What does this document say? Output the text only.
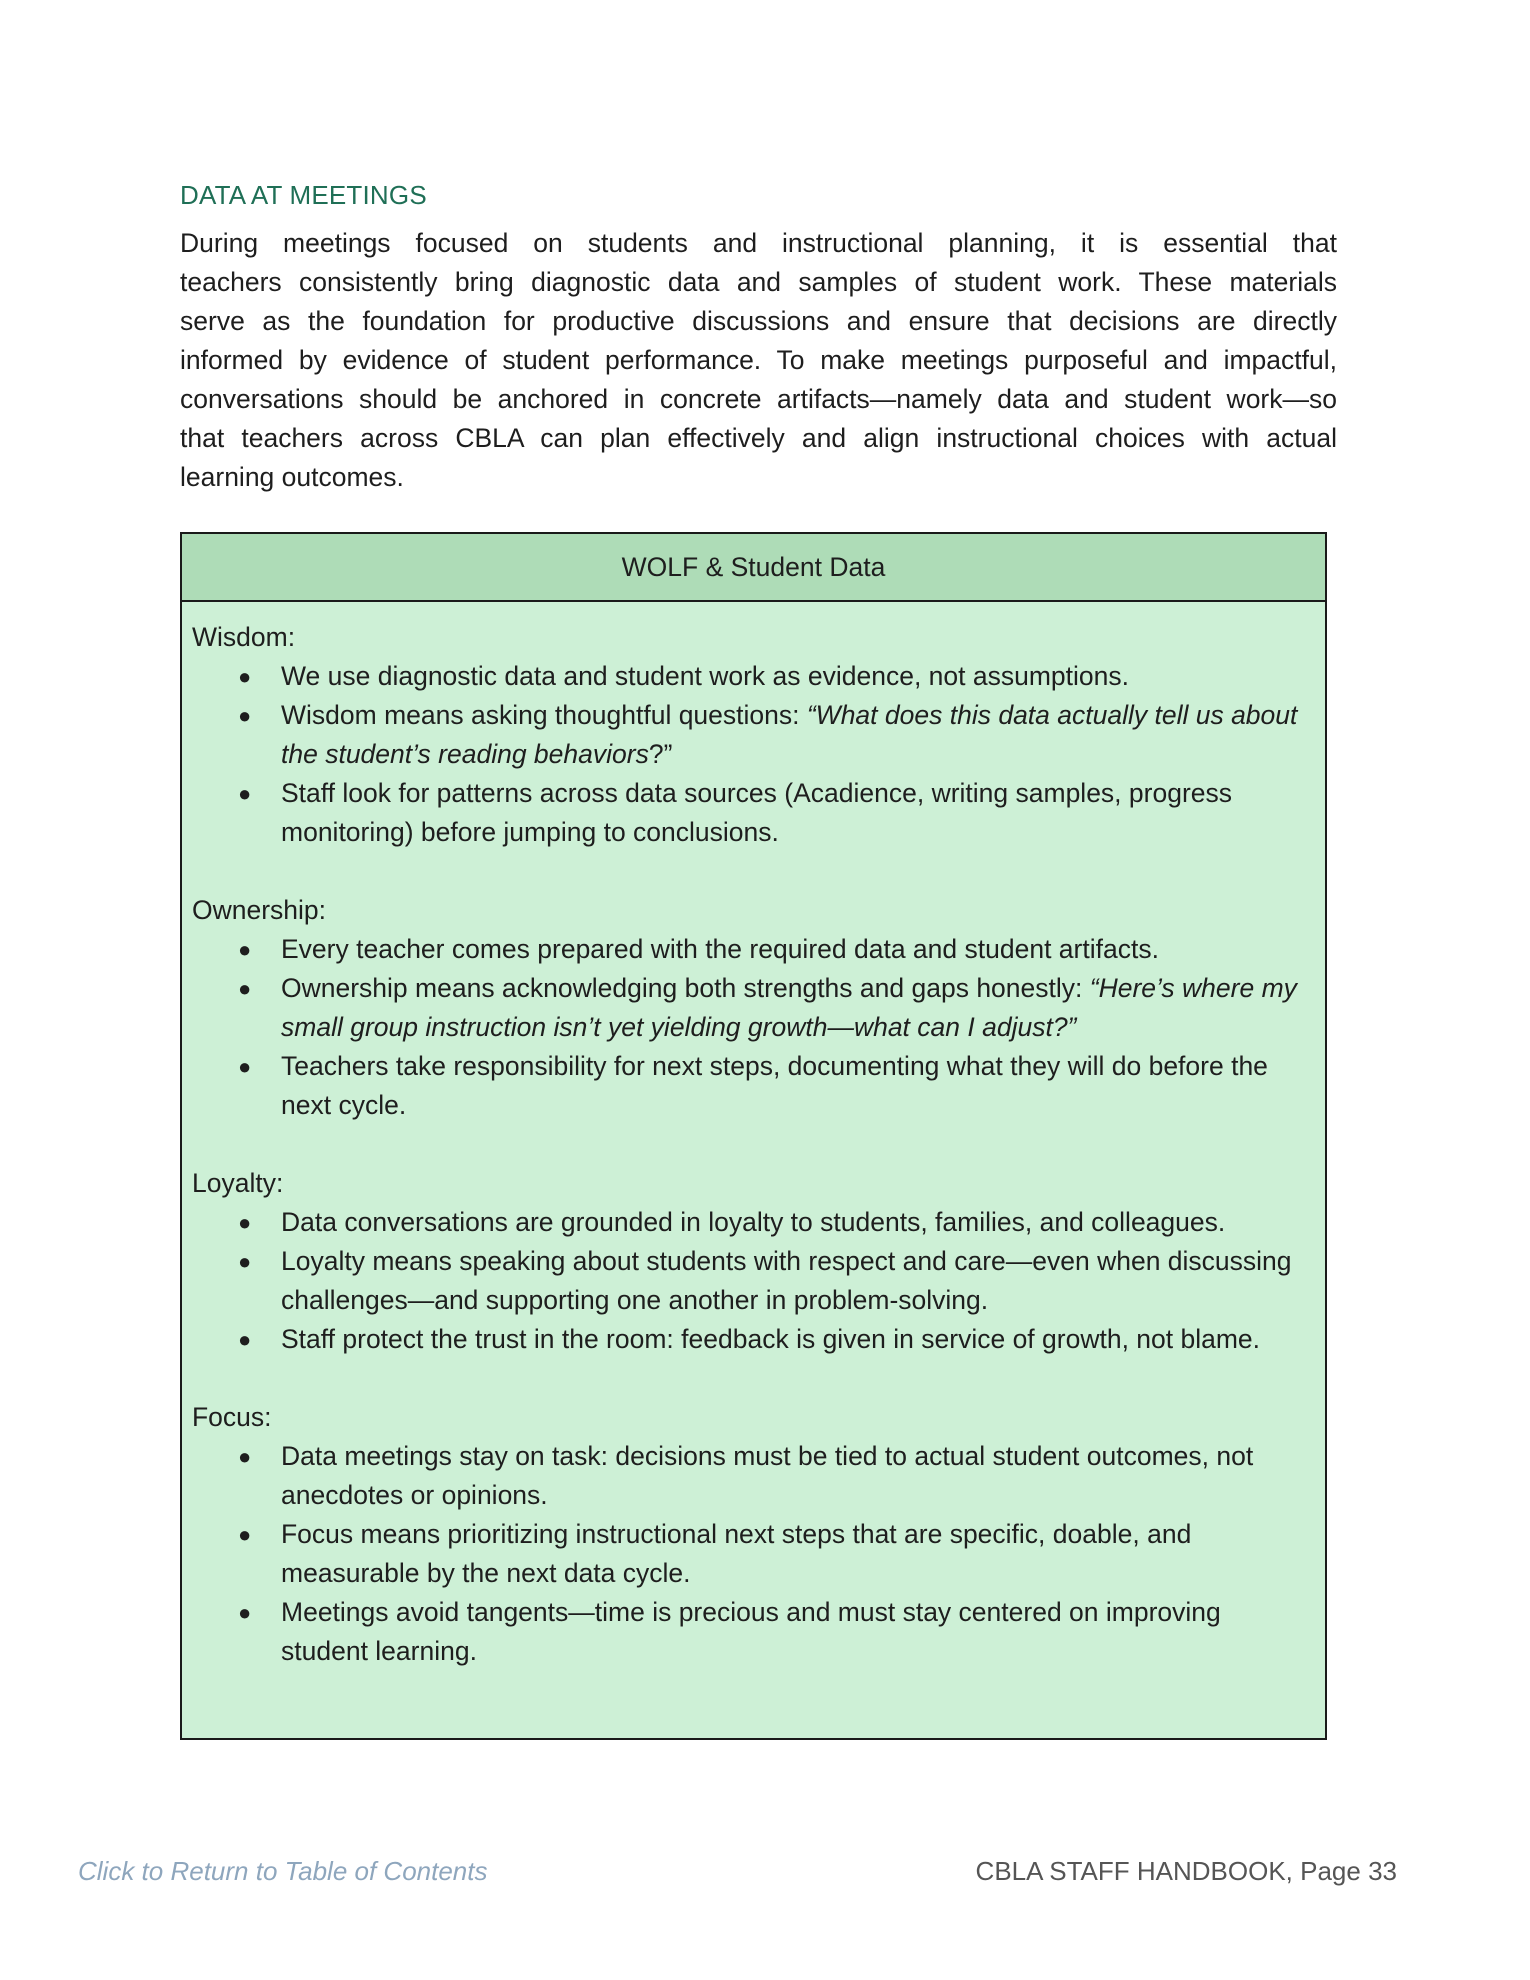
DATA AT MEETINGS
During meetings focused on students and instructional planning, it is essential that
teachers consistently bring diagnostic data and samples of student work. These materials
serve as the foundation for productive discussions and ensure that decisions are directly
informed by evidence of student performance. To make meetings purposeful and impactful,
conversations should be anchored in concrete artifacts—namely data and student work—so
that teachers across CBLA can plan effectively and align instructional choices with actual
learning outcomes.
WOLF & Student Data

Wisdom:

● We use diagnostic data and student work as evidence, not assumptions.
● Wisdom means asking thoughtful questions: “What does this data actually tell us about the student’s reading behaviors?”
● Staff look for patterns across data sources (Acadience, writing samples, progress monitoring) before jumping to conclusions.

Ownership:

● Every teacher comes prepared with the required data and student artifacts.
● Ownership means acknowledging both strengths and gaps honestly: “Here’s where my small group instruction isn’t yet yielding growth—what can I adjust?”
● Teachers take responsibility for next steps, documenting what they will do before the next cycle.

Loyalty:

● Data conversations are grounded in loyalty to students, families, and colleagues.
● Loyalty means speaking about students with respect and care—even when discussing challenges—and supporting one another in problem-solving.
● Staff protect the trust in the room: feedback is given in service of growth, not blame.

Focus:

● Data meetings stay on task: decisions must be tied to actual student outcomes, not anecdotes or opinions.
● Focus means prioritizing instructional next steps that are specific, doable, and measurable by the next data cycle.
● Meetings avoid tangents—time is precious and must stay centered on improving student learning.
Click to Return to Table of Contents	CBLA STAFF HANDBOOK, Page 33
